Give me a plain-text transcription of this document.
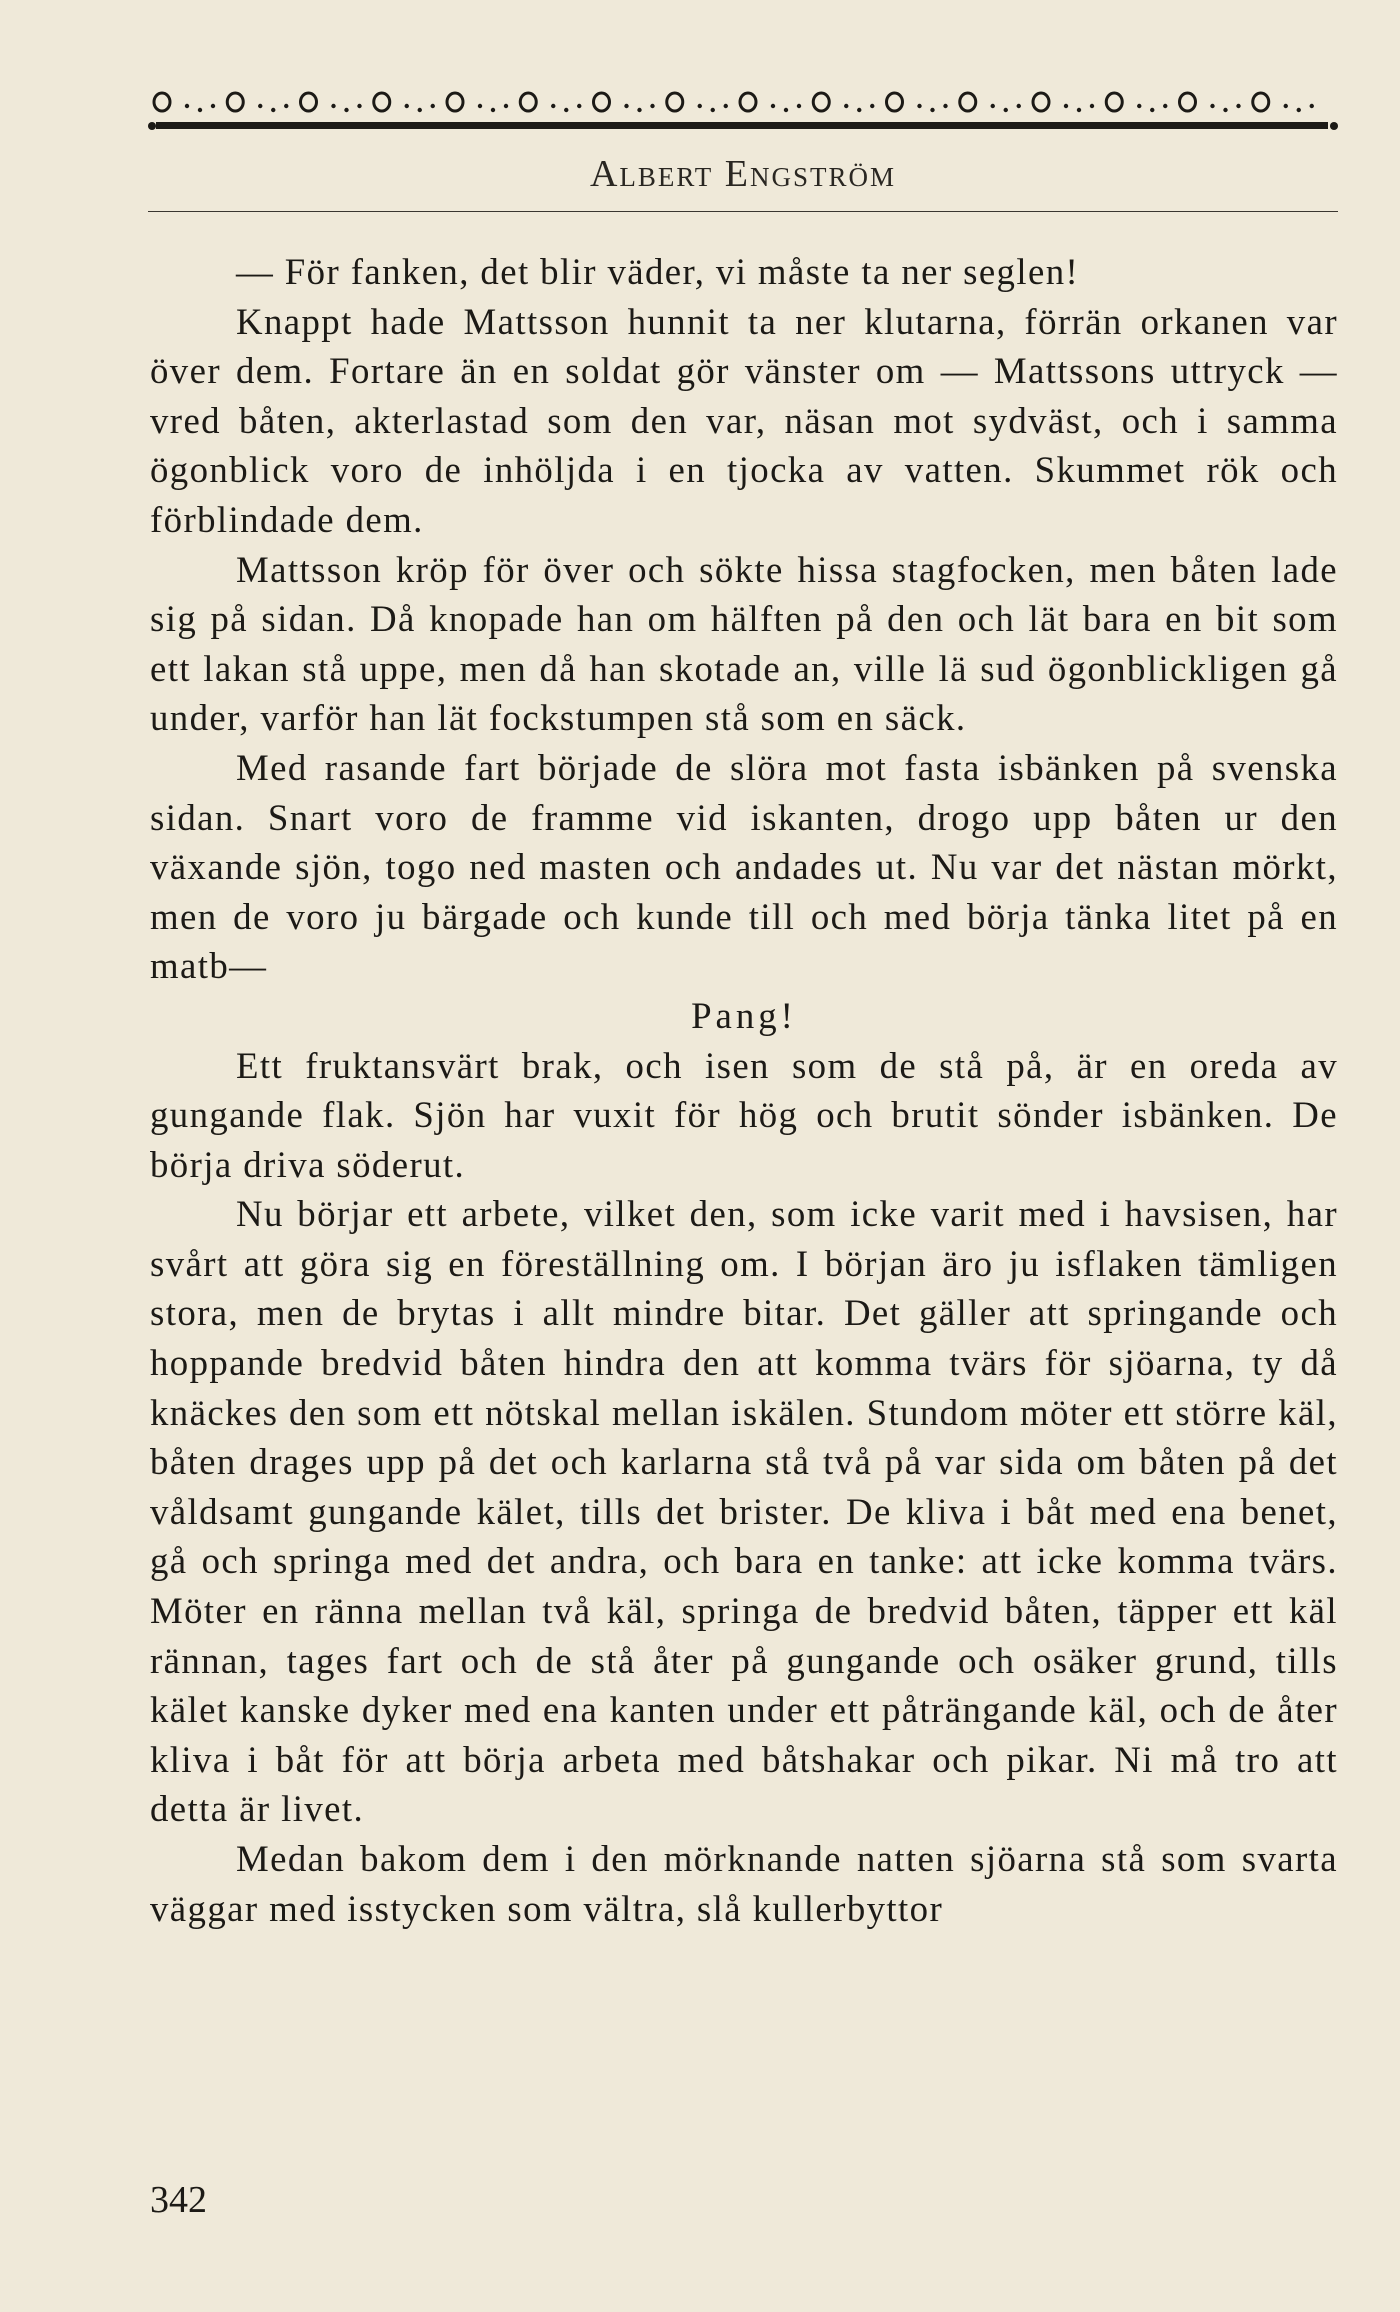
Albert Engström

— För fanken, det blir väder, vi måste ta ner seglen!

Knappt hade Mattsson hunnit ta ner klutarna, förrän orkanen var över dem. Fortare än en soldat gör vänster om — Mattssons uttryck — vred båten, akterlastad som den var, näsan mot sydväst, och i samma ögonblick voro de inhöljda i en tjocka av vatten. Skummet rök och förblindade dem.

Mattsson kröp för över och sökte hissa stagfocken, men båten lade sig på sidan. Då knopade han om hälften på den och lät bara en bit som ett lakan stå uppe, men då han skotade an, ville lä sud ögonblickligen gå under, varför han lät fockstumpen stå som en säck.

Med rasande fart började de slöra mot fasta isbänken på svenska sidan. Snart voro de framme vid iskanten, drogo upp båten ur den växande sjön, togo ned masten och andades ut. Nu var det nästan mörkt, men de voro ju bärgade och kunde till och med börja tänka litet på en matb—

Pang!

Ett fruktansvärt brak, och isen som de stå på, är en oreda av gungande flak. Sjön har vuxit för hög och brutit sönder isbänken. De börja driva söderut.

Nu börjar ett arbete, vilket den, som icke varit med i havsisen, har svårt att göra sig en föreställning om. I början äro ju isflaken tämligen stora, men de brytas i allt mindre bitar. Det gäller att springande och hoppande bredvid båten hindra den att komma tvärs för sjöarna, ty då knäckes den som ett nötskal mellan iskälen. Stundom möter ett större käl, båten drages upp på det och karlarna stå två på var sida om båten på det våldsamt gungande kälet, tills det brister. De kliva i båt med ena benet, gå och springa med det andra, och bara en tanke: att icke komma tvärs. Möter en ränna mellan två käl, springa de bredvid båten, täpper ett käl rännan, tages fart och de stå åter på gungande och osäker grund, tills kälet kanske dyker med ena kanten under ett påträngande käl, och de åter kliva i båt för att börja arbeta med båtshakar och pikar. Ni må tro att detta är livet.

Medan bakom dem i den mörknande natten sjöarna stå som svarta väggar med isstycken som vältra, slå kullerbyttor

342
